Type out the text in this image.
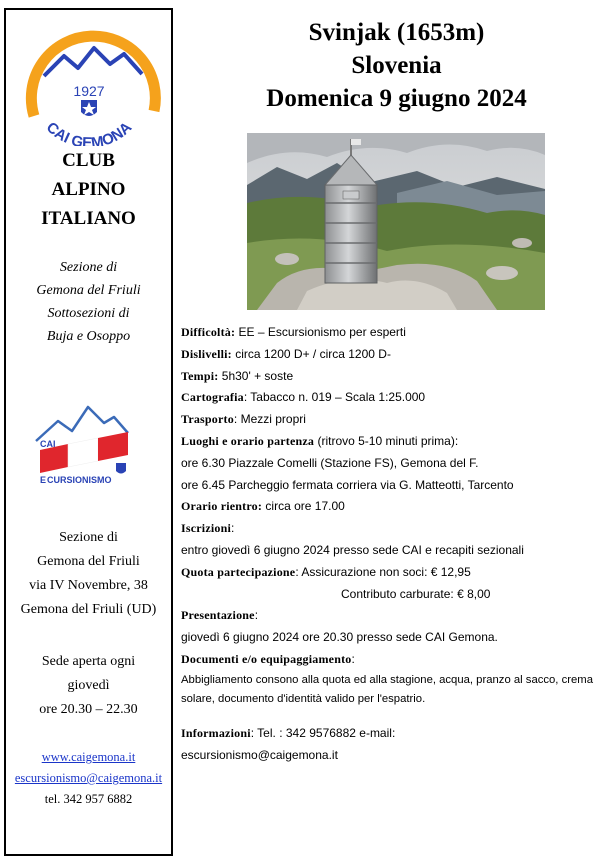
1927
CAI GEMONA
CLUB
ALPINO
ITALIANO
Sezione di
Gemona del Friuli
Sottosezioni di
Buja e Osoppo
CAI
E CURSIONISMO
Sezione di
Gemona del Friuli
via IV Novembre, 38
Gemona del Friuli (UD)
Sede aperta ogni
giovedì
ore 20.30 – 22.30
www.caigemona.it
escursionismo@caigemona.it
tel. 342 957 6882
Svinjak (1653m)
Slovenia
Domenica 9 giugno 2024
Difficoltà: EE – Escursionismo per esperti
Dislivelli: circa 1200 D+ / circa 1200 D-
Tempi: 5h30' + soste
Cartografia: Tabacco n. 019 – Scala 1:25.000
Trasporto: Mezzi propri
Luoghi e orario partenza (ritrovo 5-10 minuti prima):
ore 6.30 Piazzale Comelli (Stazione FS), Gemona del F.
ore 6.45 Parcheggio fermata corriera via G. Matteotti, Tarcento
Orario rientro: circa ore 17.00
Iscrizioni:
entro giovedì 6 giugno 2024 presso sede CAI e recapiti sezionali
Quota partecipazione: Assicurazione non soci: € 12,95
Contributo carburate: € 8,00
Presentazione:
giovedì 6 giugno 2024 ore 20.30 presso sede CAI Gemona.
Documenti e/o equipaggiamento:
Abbigliamento consono alla quota ed alla stagione, acqua, pranzo al sacco, crema solare, documento d'identità valido per l'espatrio.
Informazioni: Tel. : 342 9576882 e-mail:
escursionismo@caigemona.it
